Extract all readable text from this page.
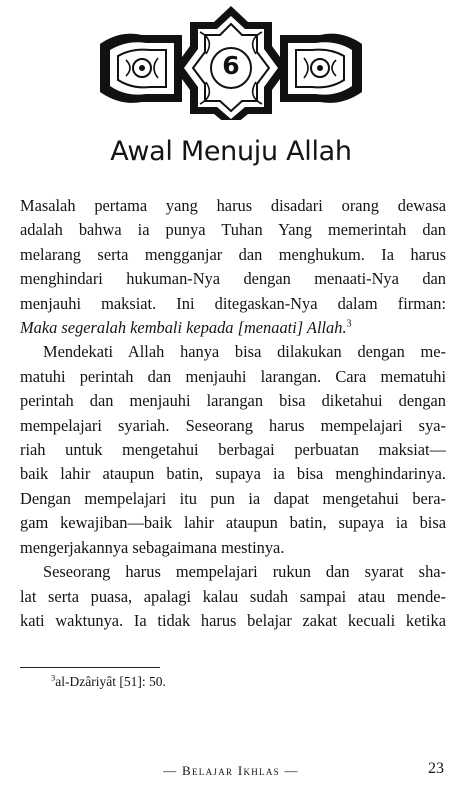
6
Awal Menuju Allah
Masalah pertama yang harus disadari orang dewasa
adalah bahwa ia punya Tuhan Yang memerintah dan
melarang serta mengganjar dan menghukum. Ia harus
menghindari hukuman-Nya dengan menaati-Nya dan
menjauhi maksiat. Ini ditegaskan-Nya dalam firman:
Maka segeralah kembali kepada [menaati] Allah.$^3$
Mendekati Allah hanya bisa dilakukan dengan me-
matuhi perintah dan menjauhi larangan. Cara mematuhi
perintah dan menjauhi larangan bisa diketahui dengan
mempelajari syariah. Seseorang harus mempelajari sya-
riah untuk mengetahui berbagai perbuatan maksiat—
baik lahir ataupun batin, supaya ia bisa menghindarinya.
Dengan mempelajari itu pun ia dapat mengetahui bera-
gam kewajiban—baik lahir ataupun batin, supaya ia bisa
mengerjakannya sebagaimana mestinya.
Seseorang harus mempelajari rukun dan syarat sha-
lat serta puasa, apalagi kalau sudah sampai atau mende-
kati waktunya. Ia tidak harus belajar zakat kecuali ketika
$^3$al-Dzâriyât [51]: 50.
— Belajar Ikhlas —	23
